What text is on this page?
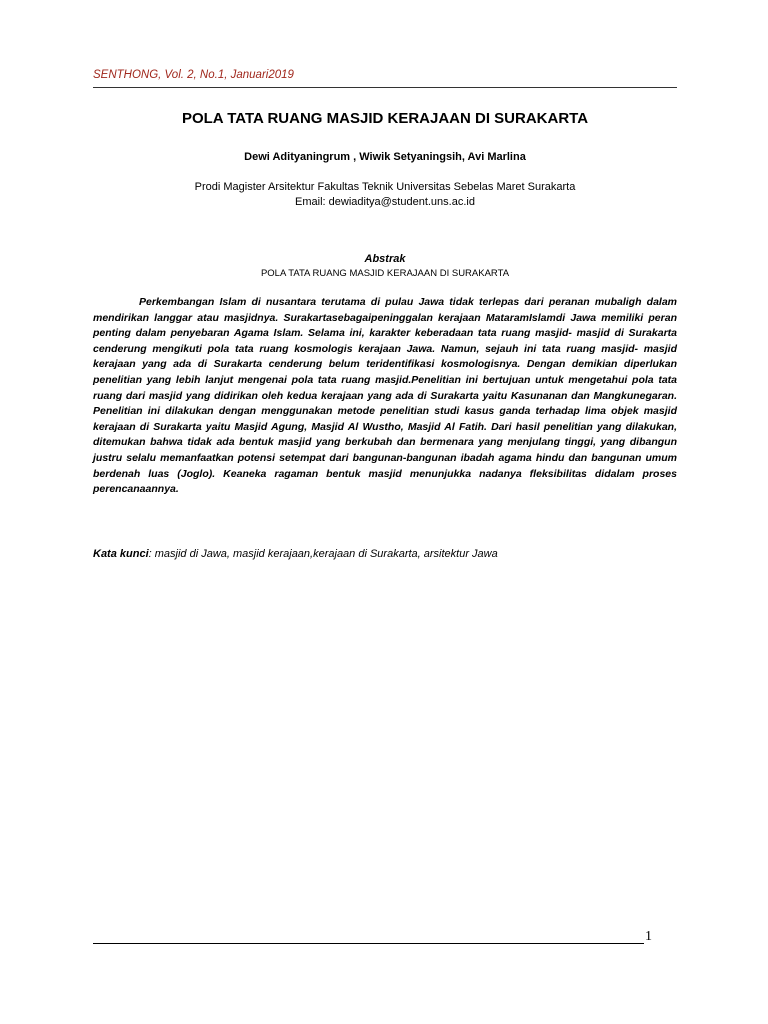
SENTHONG, Vol. 2, No.1, Januari2019
POLA TATA RUANG MASJID KERAJAAN DI SURAKARTA
Dewi Adityaningrum , Wiwik Setyaningsih, Avi Marlina
Prodi Magister Arsitektur Fakultas Teknik Universitas Sebelas Maret Surakarta
Email: dewiaditya@student.uns.ac.id
Abstrak
POLA TATA RUANG MASJID KERAJAAN DI SURAKARTA

Perkembangan Islam di nusantara terutama di pulau Jawa tidak terlepas dari peranan mubaligh dalam mendirikan langgar atau masjidnya. Surakartasebagaipeninggalan kerajaan MataramIslamdi Jawa memiliki peran penting dalam penyebaran Agama Islam. Selama ini, karakter keberadaan tata ruang masjid- masjid di Surakarta cenderung mengikuti pola tata ruang kosmologis kerajaan Jawa. Namun, sejauh ini tata ruang masjid- masjid kerajaan yang ada di Surakarta cenderung belum teridentifikasi kosmologisnya. Dengan demikian diperlukan penelitian yang lebih lanjut mengenai pola tata ruang masjid.Penelitian ini bertujuan untuk mengetahui pola tata ruang dari masjid yang didirikan oleh kedua kerajaan yang ada di Surakarta yaitu Kasunanan dan Mangkunegaran. Penelitian ini dilakukan dengan menggunakan metode penelitian studi kasus ganda terhadap lima objek masjid kerajaan di Surakarta yaitu Masjid Agung, Masjid Al Wustho, Masjid Al Fatih. Dari hasil penelitian yang dilakukan, ditemukan bahwa tidak ada bentuk masjid yang berkubah dan bermenara yang menjulang tinggi, yang dibangun justru selalu memanfaatkan potensi setempat dari bangunan-bangunan ibadah agama hindu dan bangunan umum berdenah luas (Joglo). Keaneka ragaman bentuk masjid menunjukka nadanya fleksibilitas didalam proses perencanaannya.

Kata kunci: masjid di Jawa, masjid kerajaan,kerajaan di Surakarta, arsitektur Jawa
1
